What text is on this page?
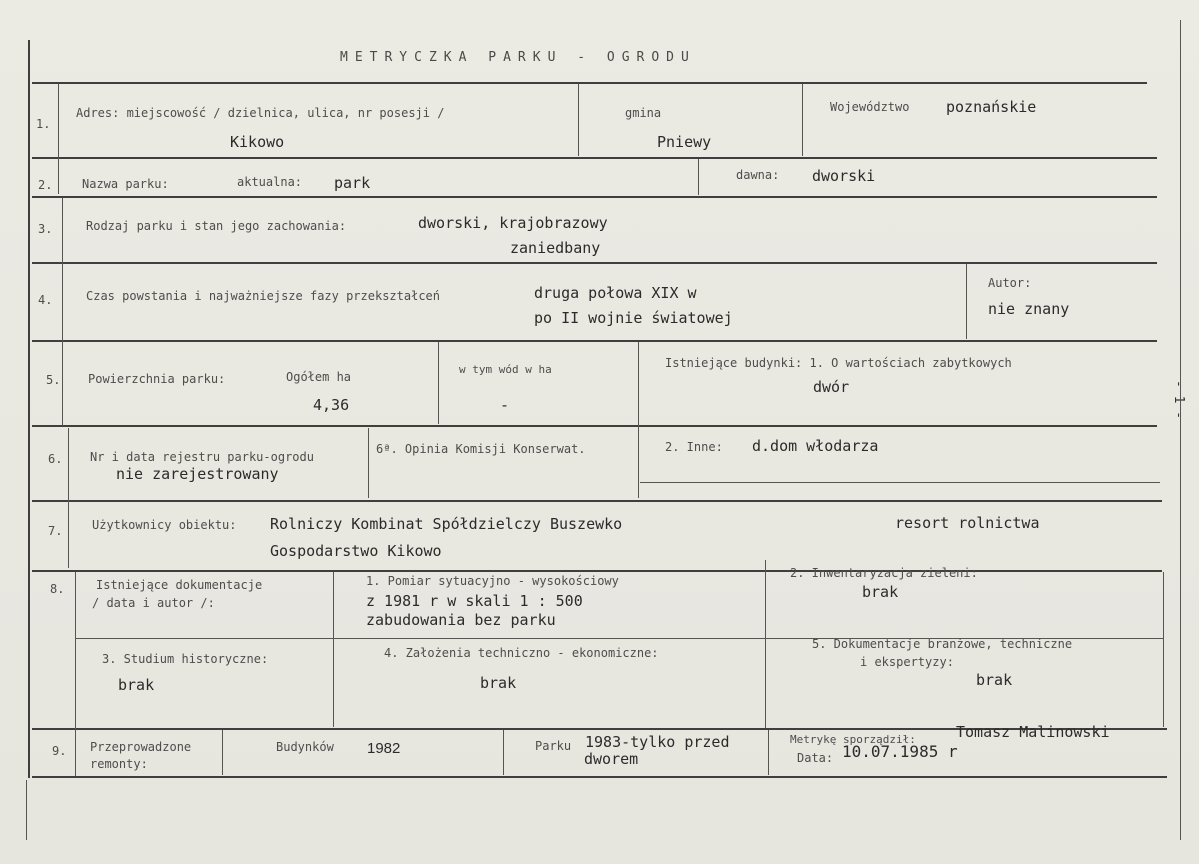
METRYCZKA PARKU - OGRODU
- 1 -
1.
Adres: miejscowość / dzielnica, ulica, nr posesji /
Kikowo
gmina
Pniewy
Województwo poznańskie
2. Nazwa parku:	aktualna: park	dawna: dworski
3.	Rodzaj parku i stan jego zachowania:	dworski, krajobrazowy
zaniedbany
4.	Czas powstania i najważniejsze fazy przekształceń	druga połowa XIX w
po II wojnie światowej
Autor:
nie znany
5. Powierzchnia parku:	Ogółem ha
4,36
w tym wód w ha
-
Istniejące budynki: 1. O wartościach zabytkowych
dwór
6. Nr i data rejestru parku-ogrodu
nie zarejestrowany
6ª. Opinia Komisji Konserwat.	2. Inne: d.dom włodarza
7. Użytkownicy obiektu: Rolniczy Kombinat Spółdzielczy Buszewko
Gospodarstwo Kikowo
resort rolnictwa
8.	Istniejące dokumentacje
/ data i autor /:
1. Pomiar sytuacyjno - wysokościowy
z 1981 r w skali 1 : 500
zabudowania bez parku
2. Inwentaryzacja zieleni:
brak
3. Studium historyczne:
brak
4. Założenia techniczno - ekonomiczne:
brak
5. Dokumentacje branżowe, techniczne
i ekspertyzy:
brak
9. Przeprowadzone
remonty:
Budynków 1982	Parku 1983-tylko przed
dworem
Metrykę sporządził:	Tomasz Malinowski
Data: 10.07.1985 r
